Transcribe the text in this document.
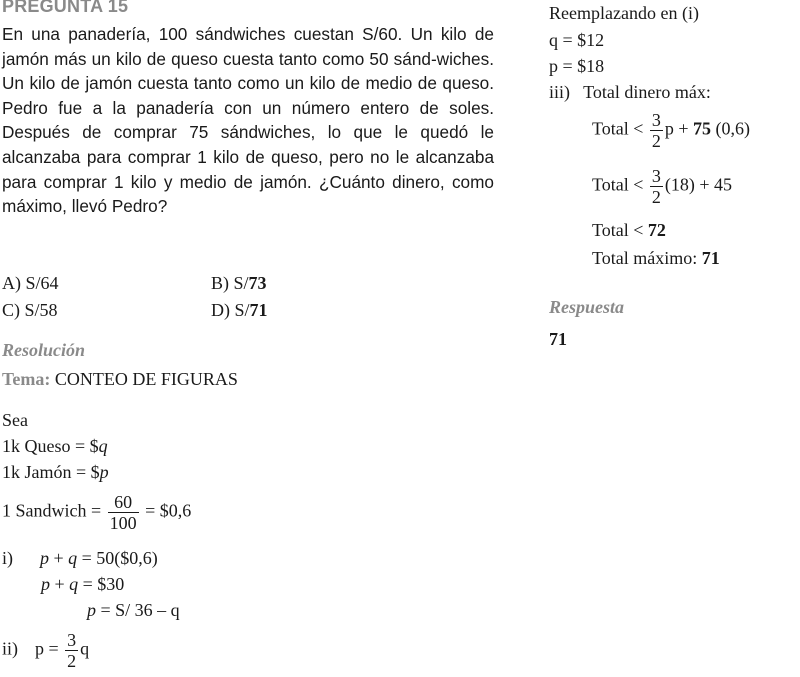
PREGUNTA 15
En una panadería, 100 sándwiches cuestan S/60. Un kilo de jamón más un kilo de queso cuesta tanto como 50 sánd-wiches. Un kilo de jamón cuesta tanto como un kilo de medio de queso. Pedro fue a la panadería con un número entero de soles. Después de comprar 75 sándwiches, lo que le quedó le alcanzaba para comprar 1 kilo de queso, pero no le alcanzaba para comprar 1 kilo y medio de jamón. ¿Cuánto dinero, como máximo, llevó Pedro?
A) S/64	B) S/73
C) S/58	D) S/71
Resolución
Tema: CONTEO DE FIGURAS
Sea
1k Queso = $q
1k Jamón = $p
1 Sandwich = $\frac{60}{100}$ = $0,6
i) p + q = 50($0,6)
p + q = $30
p = S/ 36 – q
ii) $p = \frac{3}{2}$ q
Reemplazando en (i)
q = $12
p = $18
iii)   Total dinero máx:
Total < $\frac{3}{2}$ p + 75 (0,6)
Total < $\frac{3}{2} (18) + 45$
Total < 72
Total máximo: 71
Respuesta
71
